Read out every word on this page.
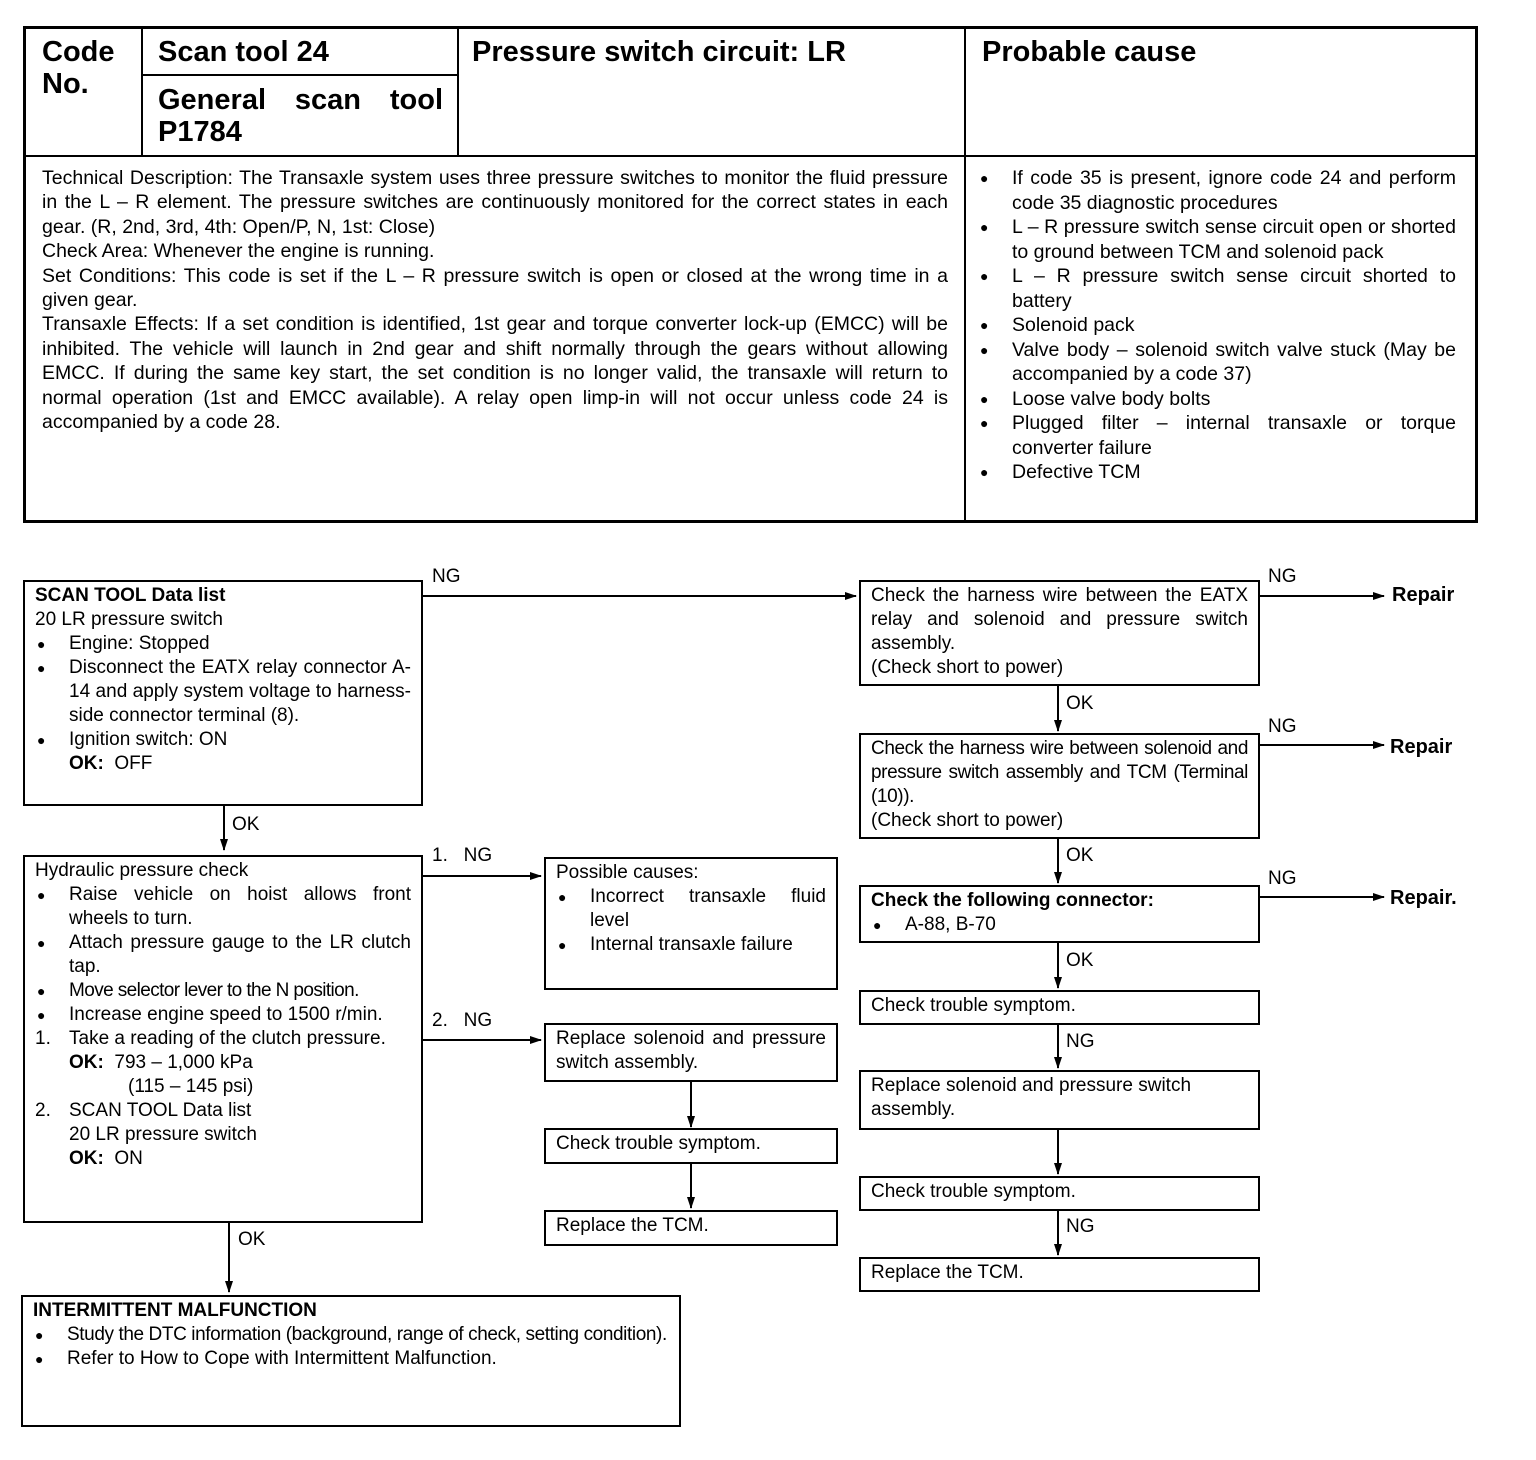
Code No.
Scan tool 24
General scan tool P1784
Pressure switch circuit: LR	Probable cause
Technical Description: The Transaxle system uses three pressure switches to monitor the fluid pressure in the L – R element. The pressure switches are continuously monitored for the correct states in each gear. (R, 2nd, 3rd, 4th: Open/P, N, 1st: Close)
Check Area: Whenever the engine is running.
Set Conditions: This code is set if the L – R pressure switch is open or closed at the wrong time in a given gear.
Transaxle Effects: If a set condition is identified, 1st gear and torque converter lock-up (EMCC) will be inhibited. The vehicle will launch in 2nd gear and shift normally through the gears without allowing EMCC. If during the same key start, the set condition is no longer valid, the transaxle will return to normal operation (1st and EMCC available). A relay open limp-in will not occur unless code 24 is accompanied by a code 28.
● If code 35 is present, ignore code 24 and perform code 35 diagnostic procedures
● L – R pressure switch sense circuit open or shorted to ground between TCM and solenoid pack
● L – R pressure switch sense circuit shorted to battery
● Solenoid pack
● Valve body – solenoid switch valve stuck (May be accompanied by a code 37)
● Loose valve body bolts
● Plugged filter – internal transaxle or torque converter failure
● Defective TCM
NG
OK
1.   NG
2.   NG
OK
NG
NG
NG
OK
OK
OK
NG
NG
Repair
Repair
Repair.
SCAN TOOL Data list
20 LR pressure switch
● Engine: Stopped
● Disconnect the EATX relay connector A-14 and apply system voltage to harness-side connector terminal (8).
● Ignition switch: ON
OK: OFF
Hydraulic pressure check
● Raise vehicle on hoist allows front wheels to turn.
● Attach pressure gauge to the LR clutch tap.
● Move selector lever to the N position.
● Increase engine speed to 1500 r/min.
1. Take a reading of the clutch pressure.
OK: 793 – 1,000 kPa
(115 – 145 psi)
2. SCAN TOOL Data list
20 LR pressure switch
OK: ON
INTERMITTENT MALFUNCTION
● Study the DTC information (background, range of check, setting condition).
● Refer to How to Cope with Intermittent Malfunction.
Possible causes:
● Incorrect transaxle fluid level
● Internal transaxle failure
Replace solenoid and pressure switch assembly.
Check trouble symptom.
Replace the TCM.
Check the harness wire between the EATX relay and solenoid and pressure switch assembly.
(Check short to power)
Check the harness wire between solenoid and pressure switch assembly and TCM (Terminal (10)).
(Check short to power)
Check the following connector:
● A-88, B-70
Check trouble symptom.
Replace solenoid and pressure switch assembly.
Check trouble symptom.
Replace the TCM.
